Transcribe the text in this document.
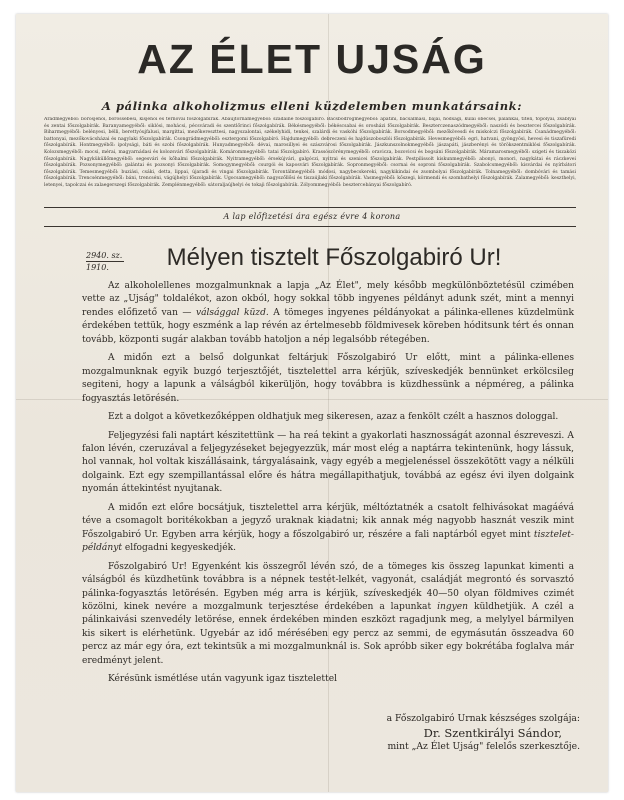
AZ ÉLET UJSÁG
A pálinka alkoholizmus elleni küzdelemben munkatársaink:
Aradmegyéből: borosjenői, borossebesi, kisjenői és ternovai főszolgabírák. Abaujtornamegyéből: szadainé főszolgabíró. Bácsbodrogmegyéből: apatini, bácsalmási, bajai, hódsági, kulai óbecsei, palánkai, titeli, topolyai, zsablyai és zentai főszolgabírák. Baranyamegyéből: siklósi, mohácsi, pécsváradi és szentlőrinci főszolgabírák. Békésmegyéből: békéscsabai és orosházi főszolgabírák. Beszterczenaszódmegyéből: naszódi és besztercei főszolgabírák. Biharmegyéből: belényesi, bélli, berettyóujfalusi, margittai, mezőkereszttesi, nagyszalontai, székelyhidi, tenkei, szalárdi és vaskóhi főszolgabírák. Borsodmegyéből: mezőkövesdi és miskolczi főszolgabírák. Csanádmegyéből: battonyai, mezőkovácsházai és nagylaki főszolgabírák. Csongrádmegyéből: esztergomi főszolgabíró. Hajdumegyéből: debreczeni és hajdúszoboszlói főszolgabírák. Hevesmegyéből: egri, hatvani, gyöngyösi, hevesi és tiszafüredi főszolgabírák. Hontmegyéből: ipolysági, báti és szobi főszolgabírák. Hunyadmegyéből: dévai, marosillyei és szászvárosi főszolgabírák. Jászkunszolnokmegyéből: jászapáti, jászberényi és törökszentmiklósi főszolgabírák. Kolozsmegyéből: mocsi, mérai, magyarnádasi és kolozsvári főszolgabírák. Komárommegyéből: tatai főszolgabíró. Krassószörénymegyéből: oravicza, bozovicsi és bogsáni főszolgabírák. Máramarosmegyéből: szigeti és tiszaközi főszolgabírák. Nagyküküllőmegyéből: segesvári és kőhalmi főszolgabírák. Nyitramegyéből: érsekújvári, galgóczi, nyitrai és szenicei főszolgabírák. Pestpilissolt kiskunmegyéből: abonyi, monori, nagykátai és ráczkevei főszolgabírák. Pozsonymegyéből: galántai és pozsonyi főszolgabírák. Somogymegyéből: csurgói és kaposvári főszolgabírák. Sopronmegyéből: csornai és soproni főszolgabírák. Szabolcsmegyéből: kisvárdai és nyírbátori főszolgabírák. Temesmegyéből: buziási, csáki, detta, lippai, újaradi és vingai főszolgabírák. Torontálmegyéből: módosi, nagybecskereki, nagykikindai és zsombolyai főszolgabírák. Tolnamegyéből: dombóvári és tamási főszolgabírák. Trencsénmegyéből: báni, trencséni, vágújhelyi főszolgabírák. Ugocsamegyéből: nagyszőllősi és tiszaújlaki főszolgabírák. Vasmegyéből: kőszegi, körmendi és szombathelyi főszolgabírák. Zalamegyéből: keszthelyi, letenyei, tapolczai és zalaegerszegi főszolgabírák. Zemplénmegyéből: sátoraljaújhelyi és tokaji főszolgabírák. Zólyommegyéből: besztercebányai főszolgabíró.
A lap előfizetési ára egész évre 4 korona
2940. sz.
1910.	Mélyen tisztelt Főszolgabiró Ur!

Az alkoholellenes mozgalmunknak a lapja „Az Élet", mely később megkülönböztetésül czimében vette az „Ujság" toldalékot, azon okból, hogy sokkal több ingyenes példányt adunk szét, mint a mennyi rendes előfizető van — válsággal küzd. A tömeges ingyenes példányokat a pálinka-ellenes küzdelmünk érdekében tettük, hogy eszménk a lap révén az értelmesebb földmivesek köreben hóditsunk tért és onnan tovább, központi sugár alakban tovább hatoljon a nép legalsóbb rétegében.

A midőn ezt a belső dolgunkat feltárjuk Főszolgabiró Ur előtt, mint a pálinka-ellenes mozgalmunknak egyik buzgó terjesztőjét, tisztelettel arra kérjük, szíveskedjék bennünket erkölcsileg segiteni, hogy a lapunk a válságból kikerüljön, hogy továbbra is küzdhessünk a népméreg, a pálinka fogyasztás letörésén.

Ezt a dolgot a következőképpen oldhatjuk meg sikeresen, azaz a fenkölt czélt a hasznos dologgal.

Feljegyzési fali naptárt készitettünk — ha reá tekint a gyakorlati hasznosságát azonnal észreveszi. A falon lévén, czeruzával a feljegyzéseket bejegyezzük, már most elég a naptárra tekintenünk, hogy lássuk, hol vannak, hol voltak kiszállásaink, tárgyalásaink, vagy egyéb a megjelenéssel összekötött vagy a nélküli dolgaink. Ezt egy szempillantással előre és hátra megállapithatjuk, továbbá az egész évi ilyen dolgaink nyomán áttekintést nyujtanak.

A midőn ezt előre bocsátjuk, tisztelettel arra kérjük, méltóztatnék a csatolt felhivásokat magáévá téve a csomagolt boritékokban a jegyző uraknak kiadatni; kik annak még nagyobb hasznát veszik mint Főszolgabiró Ur. Egyben arra kérjük, hogy a főszolgabiró ur, részére a fali naptárból egyet mint tisztelet-példányt elfogadni kegyeskedjék.

Főszolgabiró Ur! Egyenként kis összegről lévén szó, de a tömeges kis összeg lapunkat kimenti a válságból és küzdhetünk továbbra is a népnek testét-lelkét, vagyonát, családját megrontó és sorvasztó pálinka-fogyasztás letörésén. Egyben még arra is kérjük, szíveskedjék 40—50 olyan földmives czimét közölni, kinek nevére a mozgalmunk terjesztése érdekében a lapunkat ingyen küldhetjük. A czél a pálinkaivási szenvedély letörése, ennek érdekében minden eszközt ragadjunk meg, a melylyel bármilyen kis sikert is elérhetünk. Ugyebár az idő mérésében egy percz az semmi, de egymásután összeadva 60 percz az már egy óra, ezt tekintsük a mi mozgalmunknál is. Sok apróbb siker egy bokrétába foglalva már eredményt jelent.

Kérésünk ismétlése után vagyunk igaz tisztelettel

a Főszolgabiró Urnak készséges szolgája:
Dr. Szentkirályi Sándor,
mint „Az Élet Ujság" felelős szerkesztője.
